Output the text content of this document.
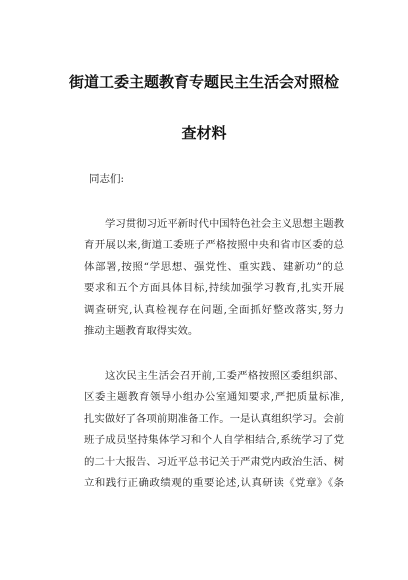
街道工委主题教育专题民主生活会对照检
查材料
同志们:
学习贯彻习近平新时代中国特色社会主义思想主题教
育开展以来,街道工委班子严格按照中央和省市区委的总
体部署,按照“学思想、强党性、重实践、建新功”的总
要求和五个方面具体目标,持续加强学习教育,扎实开展
调查研究,认真检视存在问题,全面抓好整改落实,努力
推动主题教育取得实效。
这次民主生活会召开前,工委严格按照区委组织部、
区委主题教育领导小组办公室通知要求,严把质量标准,
扎实做好了各项前期准备工作。一是认真组织学习。会前
班子成员坚持集体学习和个人自学相结合,系统学习了党
的二十大报告、习近平总书记关于严肃党内政治生活、树
立和践行正确政绩观的重要论述,认真研读《党章》《条
